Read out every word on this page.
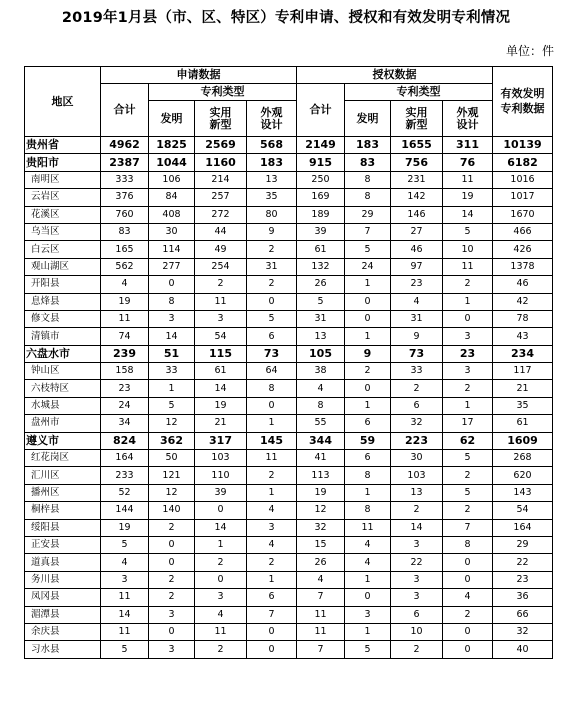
2019年1月县（市、区、特区）专利申请、授权和有效发明专利情况
单位：件
地区	申请数据				授权数据				有效发明专利数据
	合计	专利类型			合计	专利类型			
		发明	实用新型	外观设计		发明	实用新型	外观设计	
贵州省	4962	1825	2569	568	2149	183	1655	311	10139
贵阳市	2387	1044	1160	183	915	83	756	76	6182
南明区	333	106	214	13	250	8	231	11	1016
云岩区	376	84	257	35	169	8	142	19	1017
花溪区	760	408	272	80	189	29	146	14	1670
乌当区	83	30	44	9	39	7	27	5	466
白云区	165	114	49	2	61	5	46	10	426
观山湖区	562	277	254	31	132	24	97	11	1378
开阳县	4	0	2	2	26	1	23	2	46
息烽县	19	8	11	0	5	0	4	1	42
修文县	11	3	3	5	31	0	31	0	78
清镇市	74	14	54	6	13	1	9	3	43
六盘水市	239	51	115	73	105	9	73	23	234
钟山区	158	33	61	64	38	2	33	3	117
六枝特区	23	1	14	8	4	0	2	2	21
水城县	24	5	19	0	8	1	6	1	35
盘州市	34	12	21	1	55	6	32	17	61
遵义市	824	362	317	145	344	59	223	62	1609
红花岗区	164	50	103	11	41	6	30	5	268
汇川区	233	121	110	2	113	8	103	2	620
播州区	52	12	39	1	19	1	13	5	143
桐梓县	144	140	0	4	12	8	2	2	54
绥阳县	19	2	14	3	32	11	14	7	164
正安县	5	0	1	4	15	4	3	8	29
道真县	4	0	2	2	26	4	22	0	22
务川县	3	2	0	1	4	1	3	0	23
凤冈县	11	2	3	6	7	0	3	4	36
湄潭县	14	3	4	7	11	3	6	2	66
余庆县	11	0	11	0	11	1	10	0	32
习水县	5	3	2	0	7	5	2	0	40
